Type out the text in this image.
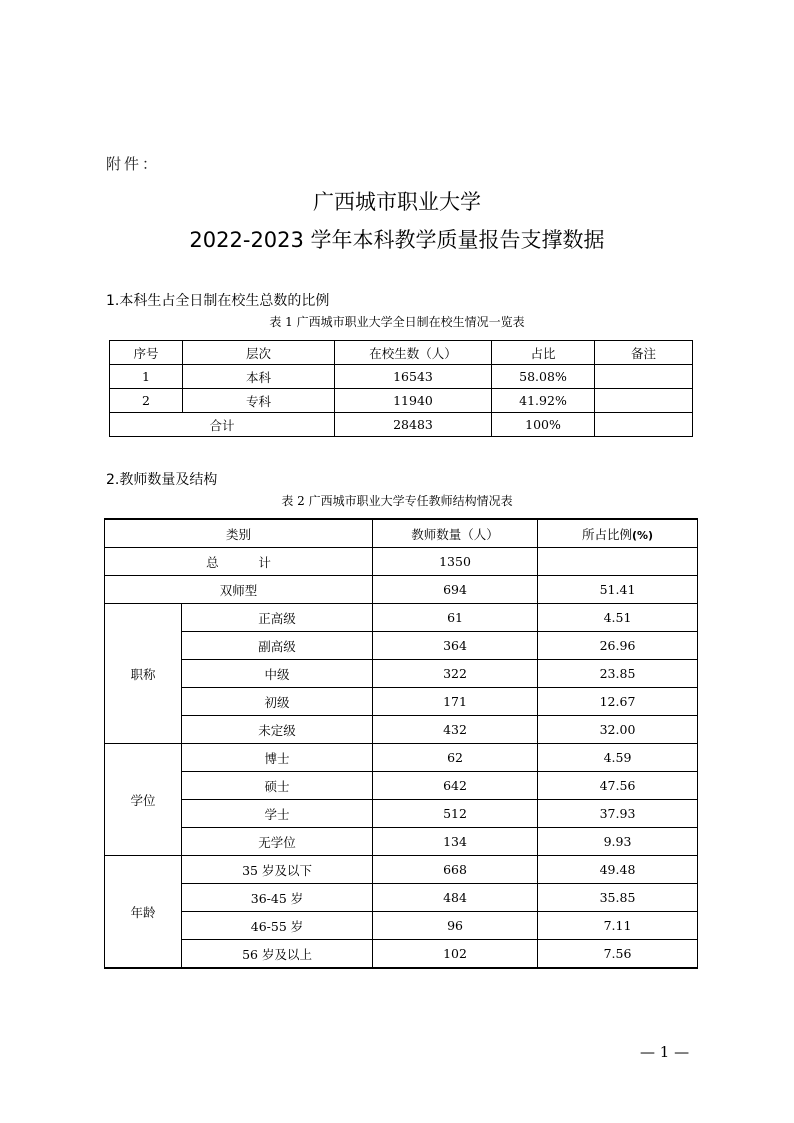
附件：
广西城市职业大学
2022-2023 学年本科教学质量报告支撑数据
1.本科生占全日制在校生总数的比例
表 1 广西城市职业大学全日制在校生情况一览表
序号	层次	在校生数（人）	占比	备注
1	本科	16543	58.08%	
2	专科	11940	41.92%	
合计		28483	100%	
2.教师数量及结构
表 2 广西城市职业大学专任教师结构情况表
类别		教师数量（人）	所占比例(%)
总          计		1350	
双师型		694	51.41
职称	正高级	61	4.51
	副高级	364	26.96
	中级	322	23.85
	初级	171	12.67
	未定级	432	32.00
学位	博士	62	4.59
	硕士	642	47.56
	学士	512	37.93
	无学位	134	9.93
年龄	35 岁及以下	668	49.48
	36-45 岁	484	35.85
	46-55 岁	96	7.11
	56 岁及以上	102	7.56
— 1 —
